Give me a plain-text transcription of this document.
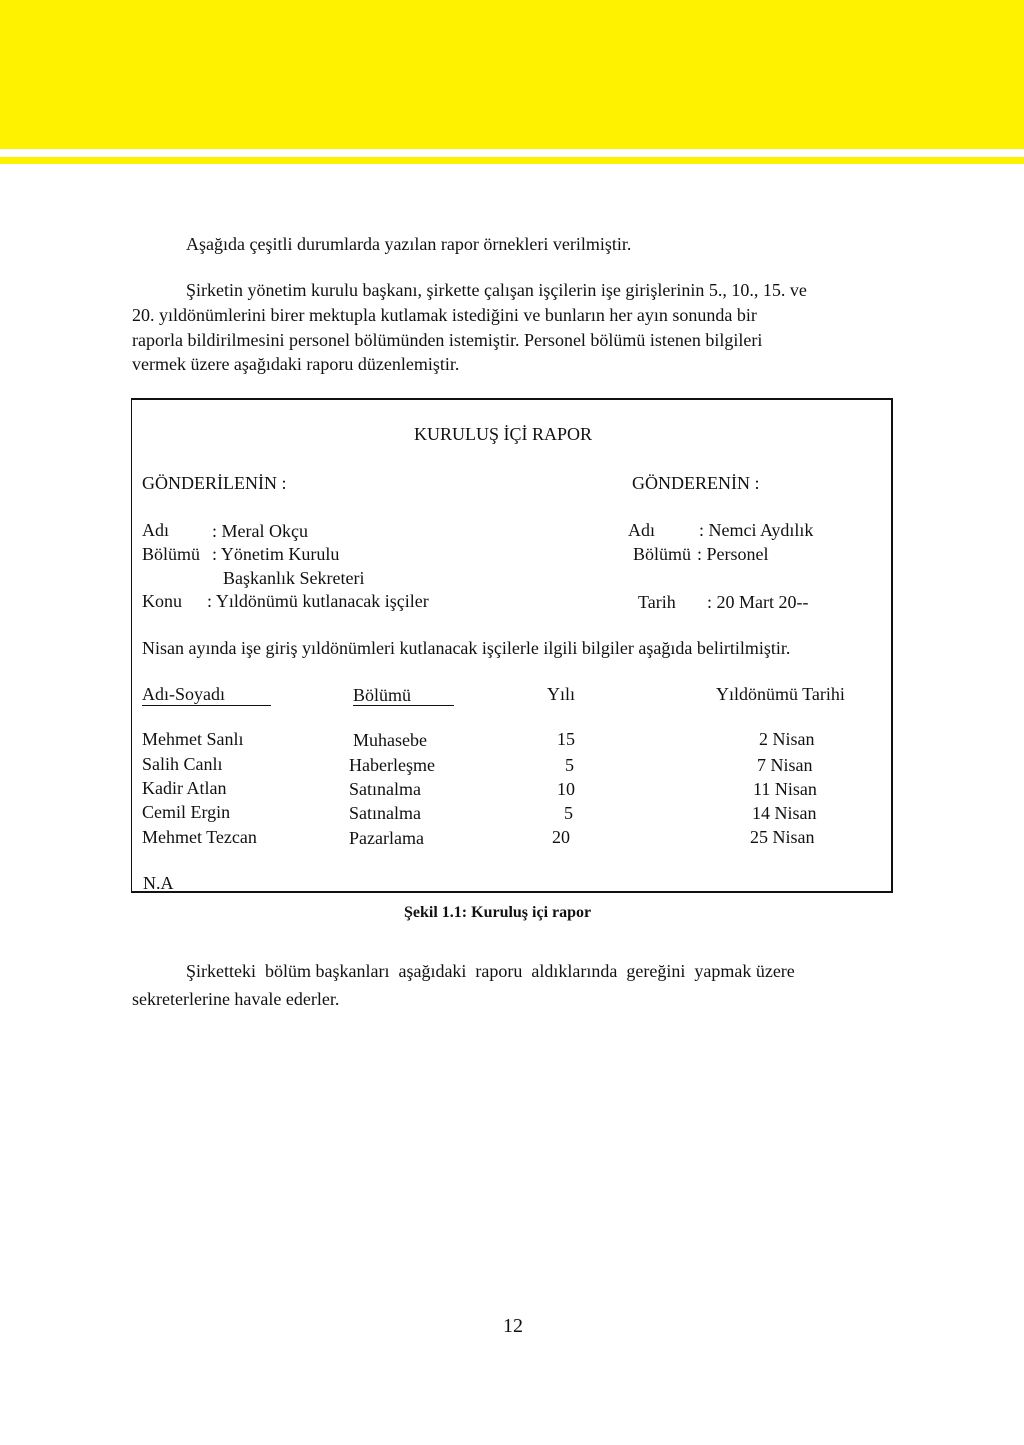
Aşağıda çeşitli durumlarda yazılan rapor örnekleri verilmiştir.
Şirketin yönetim kurulu başkanı, şirkette çalışan işçilerin işe girişlerinin 5., 10., 15. ve
20. yıldönümlerini birer mektupla kutlamak istediğini ve bunların her ayın sonunda bir
raporla bildirilmesini personel bölümünden istemiştir. Personel bölümü istenen bilgileri
vermek üzere aşağıdaki raporu düzenlemiştir.
KURULUŞ İÇİ RAPOR
GÖNDERİLENİN :	GÖNDERENİN :
Adı : Meral Okçu
Bölümü : Yönetim Kurulu
Başkanlık Sekreteri
Konu : Yıldönümü kutlanacak işçiler
Adı : Nemci Aydılık
Bölümü : Personel
Tarih : 20 Mart 20--
Nisan ayında işe giriş yıldönümleri kutlanacak işçilerle ilgili bilgiler aşağıda belirtilmiştir.
Adı-Soyadı	Bölümü	Yılı	Yıldönümü Tarihi
Mehmet Sanlı	Muhasebe	15	2 Nisan
Salih Canlı	Haberleşme	5	7 Nisan
Kadir Atlan	Satınalma	10	11 Nisan
Cemil Ergin	Satınalma	5	14 Nisan
Mehmet Tezcan	Pazarlama	20	25 Nisan
N.A
Şekil 1.1: Kuruluş içi rapor
Şirketteki  bölüm başkanları  aşağıdaki  raporu  aldıklarında  gereğini  yapmak üzere
sekreterlerine havale ederler.
12
